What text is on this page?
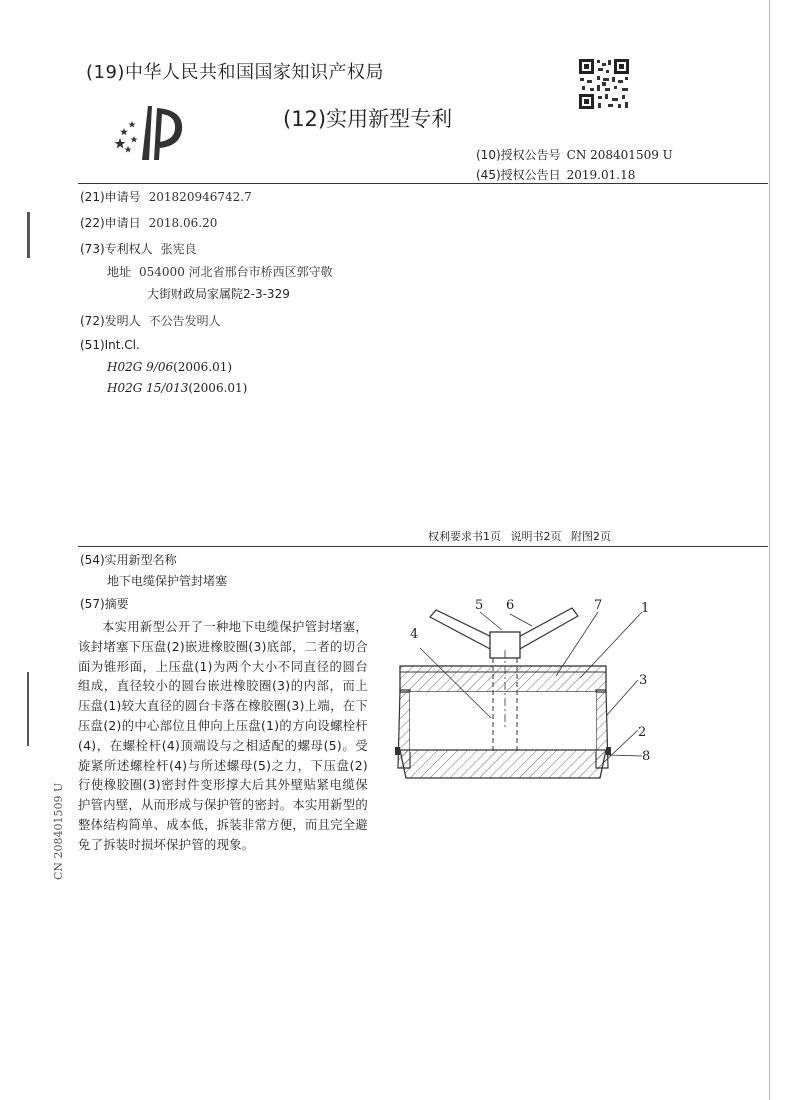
(19)中华人民共和国国家知识产权局
(12)实用新型专利
(10)授权公告号 CN 208401509 U
(45)授权公告日 2019.01.18
(21)申请号 201820946742.7
(22)申请日 2018.06.20
(73)专利权人 张宪良
地址 054000 河北省邢台市桥西区郭守敬
大街财政局家属院2-3-329
(72)发明人 不公告发明人
(51)Int.Cl.
H02G 9/06(2006.01)
H02G 15/013(2006.01)
权利要求书1页 说明书2页 附图2页
(54)实用新型名称
地下电缆保护管封堵塞
(57)摘要
本实用新型公开了一种地下电缆保护管封堵塞，该封堵塞下压盘(2)嵌进橡胶圈(3)底部，二者的切合面为锥形面，上压盘(1)为两个大小不同直径的圆台组成，直径较小的圆台嵌进橡胶圈(3)的内部，而上压盘(1)较大直径的圆台卡落在橡胶圈(3)上端，在下压盘(2)的中心部位且伸向上压盘(1)的方向设螺栓杆(4)，在螺栓杆(4)顶端设与之相适配的螺母(5)。受旋紧所述螺栓杆(4)与所述螺母(5)之力，下压盘(2)行使橡胶圈(3)密封件变形撑大后其外壁贴紧电缆保护管内壁，从而形成与保护管的密封。本实用新型的整体结构简单、成本低，拆装非常方便，而且完全避免了拆装时损坏保护管的现象。
CN 208401509 U
1
2
3
4
5 6	7
8
